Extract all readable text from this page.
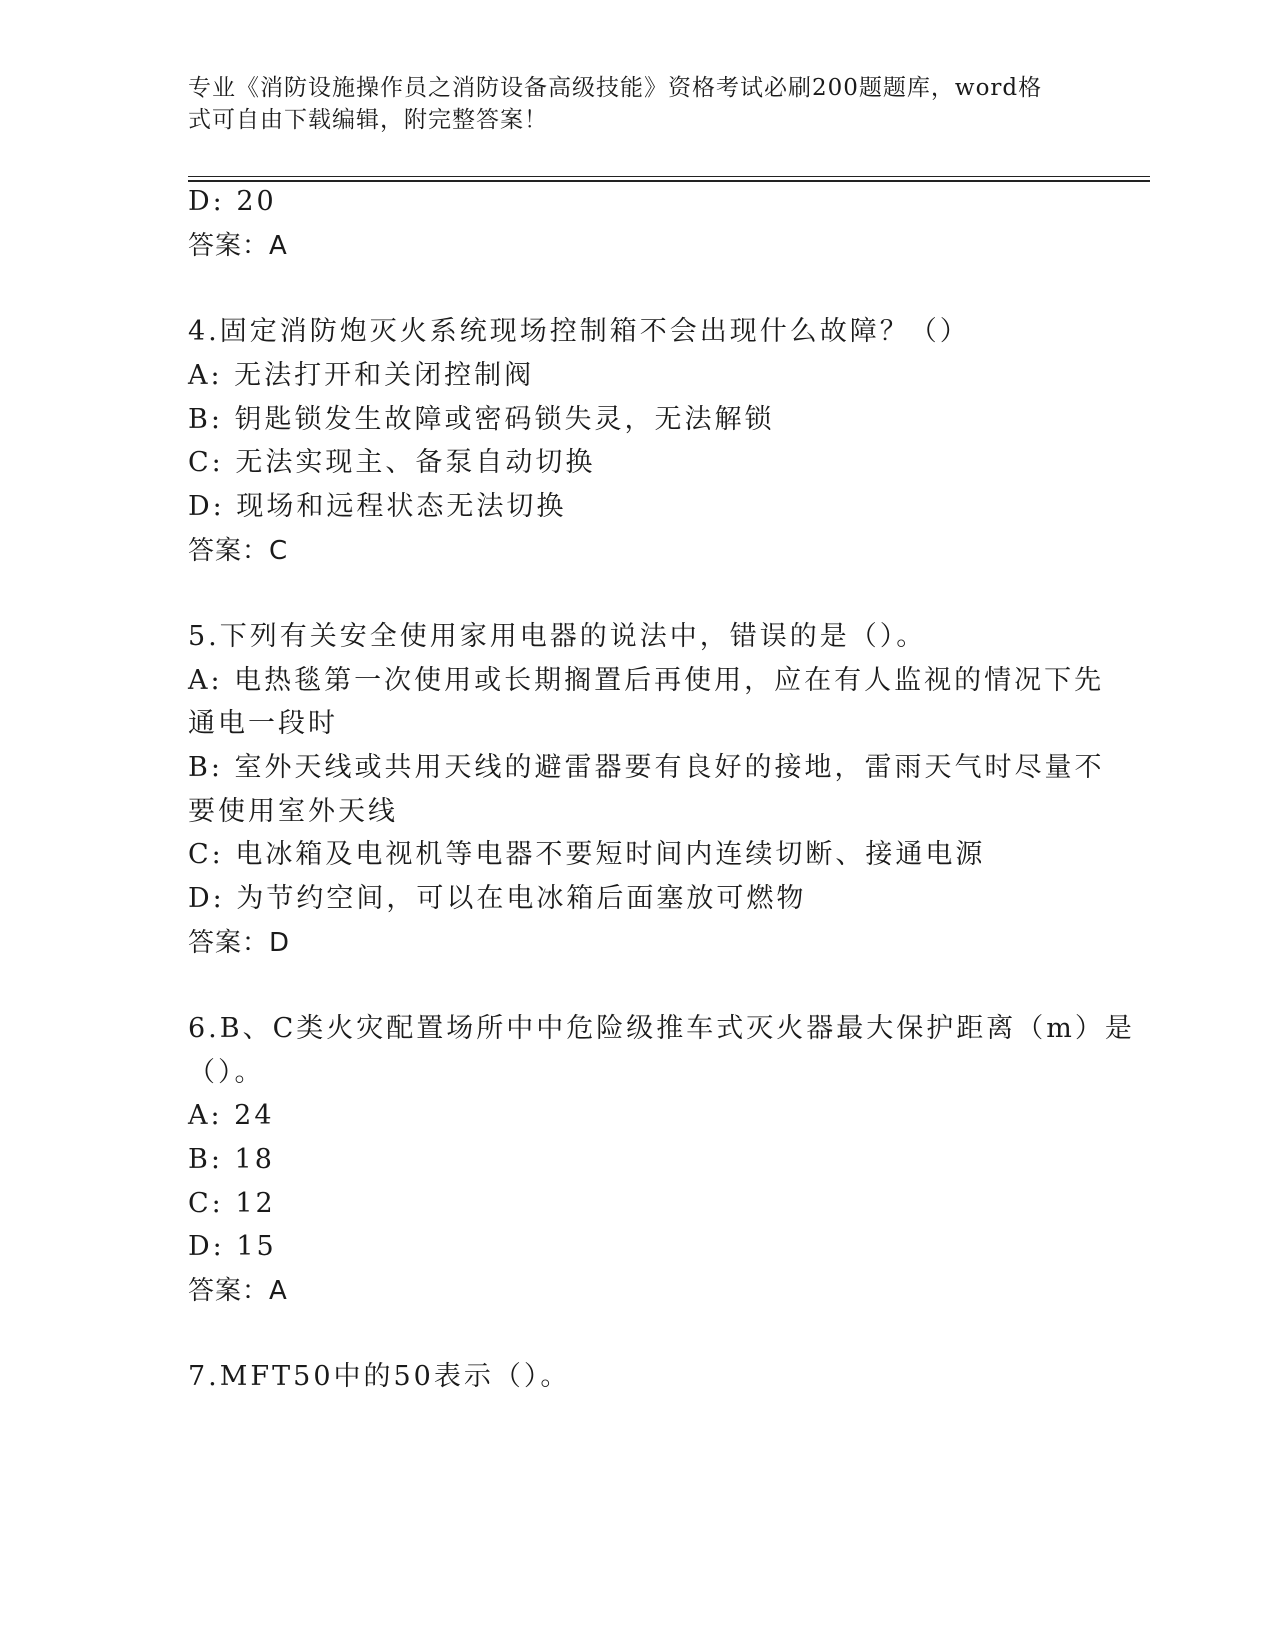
专业《消防设施操作员之消防设备高级技能》资格考试必刷200题题库，word格
式可自由下载编辑，附完整答案！
D: 20
答案：A
4.固定消防炮灭火系统现场控制箱不会出现什么故障？（）
A: 无法打开和关闭控制阀
B: 钥匙锁发生故障或密码锁失灵，无法解锁
C: 无法实现主、备泵自动切换
D: 现场和远程状态无法切换
答案：C
5.下列有关安全使用家用电器的说法中，错误的是（）。
A: 电热毯第一次使用或长期搁置后再使用，应在有人监视的情况下先
通电一段时
B: 室外天线或共用天线的避雷器要有良好的接地，雷雨天气时尽量不
要使用室外天线
C: 电冰箱及电视机等电器不要短时间内连续切断、接通电源
D: 为节约空间，可以在电冰箱后面塞放可燃物
答案：D
6.B、C类火灾配置场所中中危险级推车式灭火器最大保护距离（m）是
（）。
A: 24
B: 18
C: 12
D: 15
答案：A
7.MFT50中的50表示（）。
